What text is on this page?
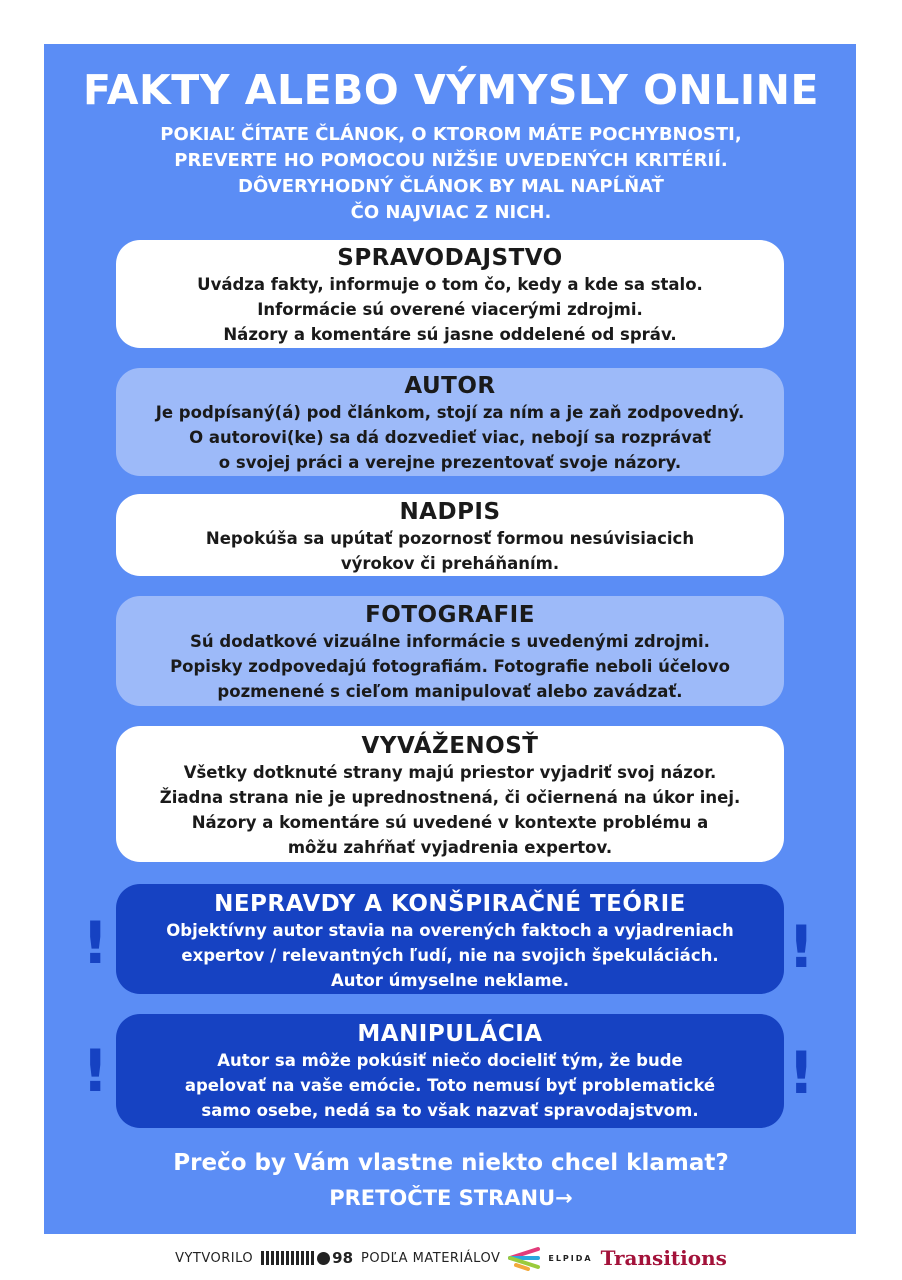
FAKTY ALEBO VÝMYSLY ONLINE
POKIAĽ ČÍTATE ČLÁNOK, O KTOROM MÁTE POCHYBNOSTI,
PREVERTE HO POMOCOU NIŽŠIE UVEDENÝCH KRITÉRIÍ.
DÔVERYHODNÝ ČLÁNOK BY MAL NAPĹŇAŤ
ČO NAJVIAC Z NICH.
SPRAVODAJSTVO
Uvádza fakty, informuje o tom čo, kedy a kde sa stalo.
Informácie sú overené viacerými zdrojmi.
Názory a komentáre sú jasne oddelené od správ.
AUTOR
Je podpísaný(á) pod článkom, stojí za ním a je zaň zodpovedný.
O autorovi(ke) sa dá dozvedieť viac, nebojí sa rozprávať
o svojej práci a verejne prezentovať svoje názory.
NADPIS
Nepokúša sa upútať pozornosť formou nesúvisiacich
výrokov či preháňaním.
FOTOGRAFIE
Sú dodatkové vizuálne informácie s uvedenými zdrojmi.
Popisky zodpovedajú fotografiám. Fotografie neboli účelovo
pozmenené s cieľom manipulovať alebo zavádzať.
VYVÁŽENOSŤ
Všetky dotknuté strany majú priestor vyjadriť svoj názor.
Žiadna strana nie je uprednostnená, či očiernená na úkor inej.
Názory a komentáre sú uvedené v kontexte problému a
môžu zahŕňať vyjadrenia expertov.
NEPRAVDY A KONŠPIRAČNÉ TEÓRIE
Objektívny autor stavia na overených faktoch a vyjadreniach
expertov / relevantných ľudí, nie na svojich špekuláciách.
Autor úmyselne neklame.
!	!
MANIPULÁCIA
Autor sa môže pokúsiť niečo docieliť tým, že bude
apelovať na vaše emócie. Toto nemusí byť problematické
samo osebe, nedá sa to však nazvať spravodajstvom.
!	!
Prečo by Vám vlastne niekto chcel klamat?
PRETOČTE STRANU→
VYTVORILO	98 PODĽA MATERIÁLOV	ELPIDA Transitions
